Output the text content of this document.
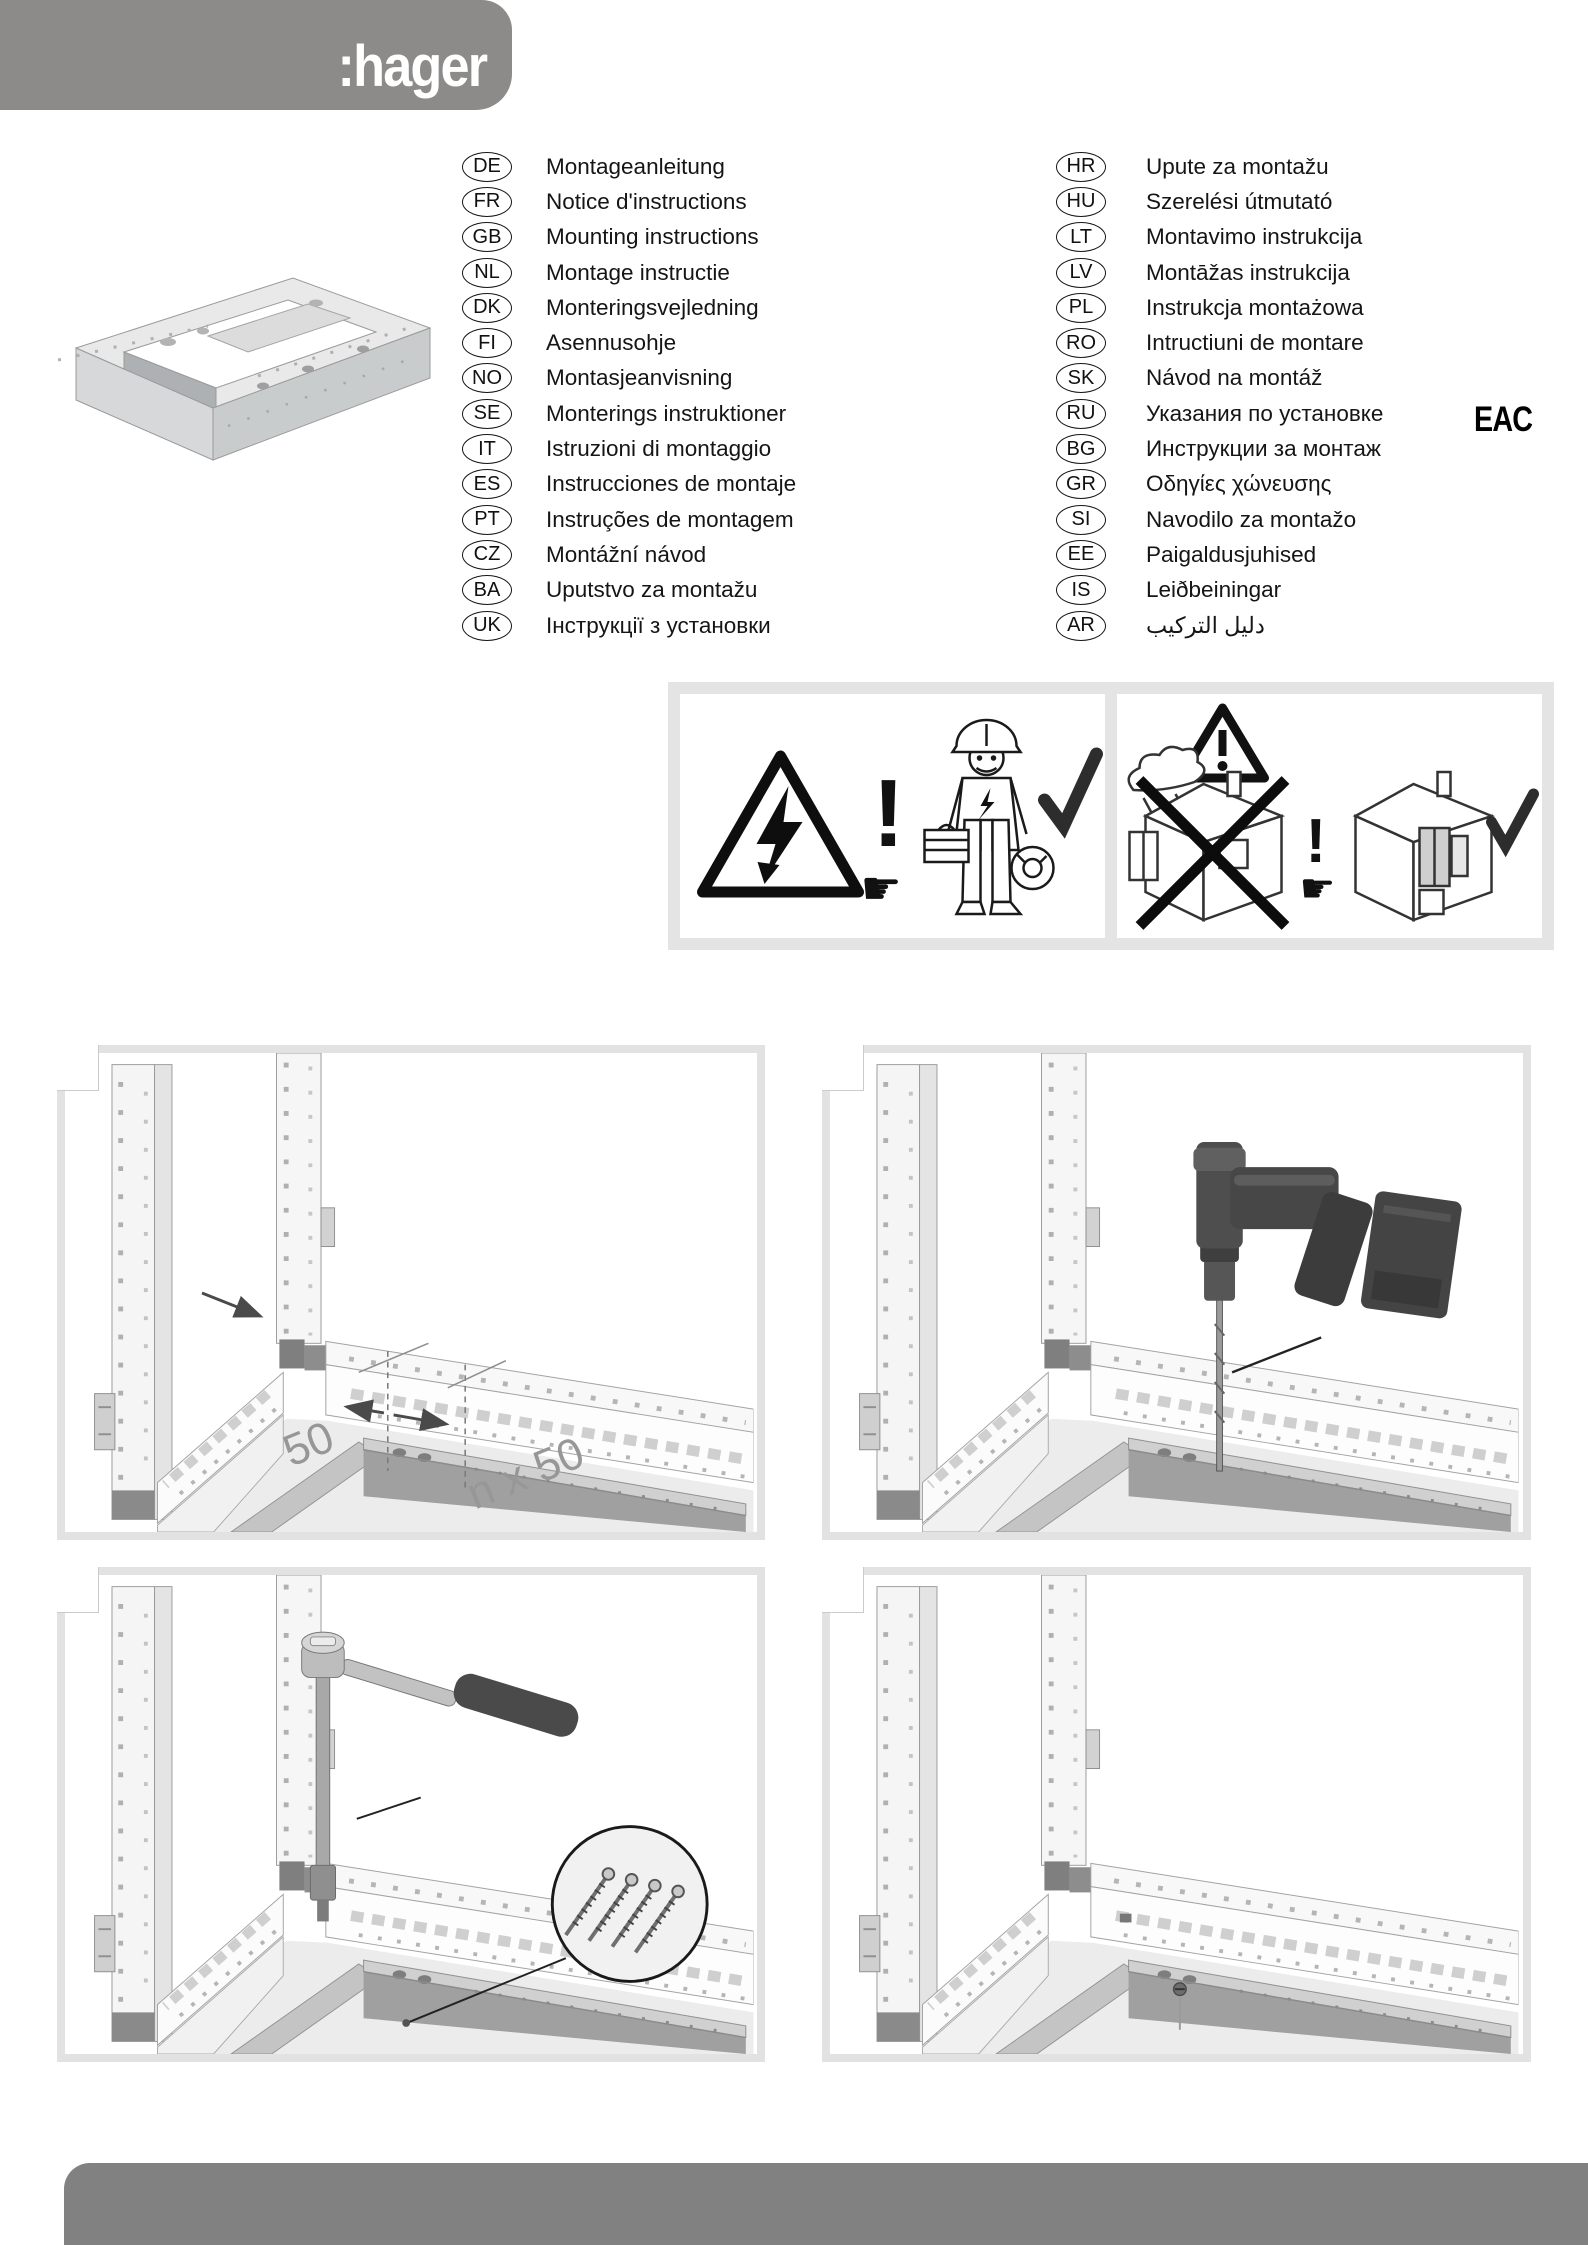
:hager
DE	Montageanleitung
FR	Notice d'instructions
GB	Mounting instructions
NL	Montage instructie
DK	Monteringsvejledning
FI	Asennusohje
NO	Montasjeanvisning
SE	Monterings instruktioner
IT	Istruzioni di montaggio
ES	Instrucciones de montaje
PT	Instruções de montagem
CZ	Montážní návod
BA	Uputstvo za montažu
UK	Інструкції з установки
HR	Upute za montažu
HU	Szerelési útmutató
LT	Montavimo instrukcija
LV	Montāžas instrukcija
PL	Instrukcja montażowa
RO	Intructiuni de montare
SK	Návod na montáž
RU	Указания по установке
BG	Инструкции за монтаж
GR	Οδηγίες χώνευσης
SI	Navodilo za montažo
EE	Paigaldusjuhised
IS	Leiðbeiningar
AR	دليل التركيب
EAC
!
☛
!
☛
50	n x 50
